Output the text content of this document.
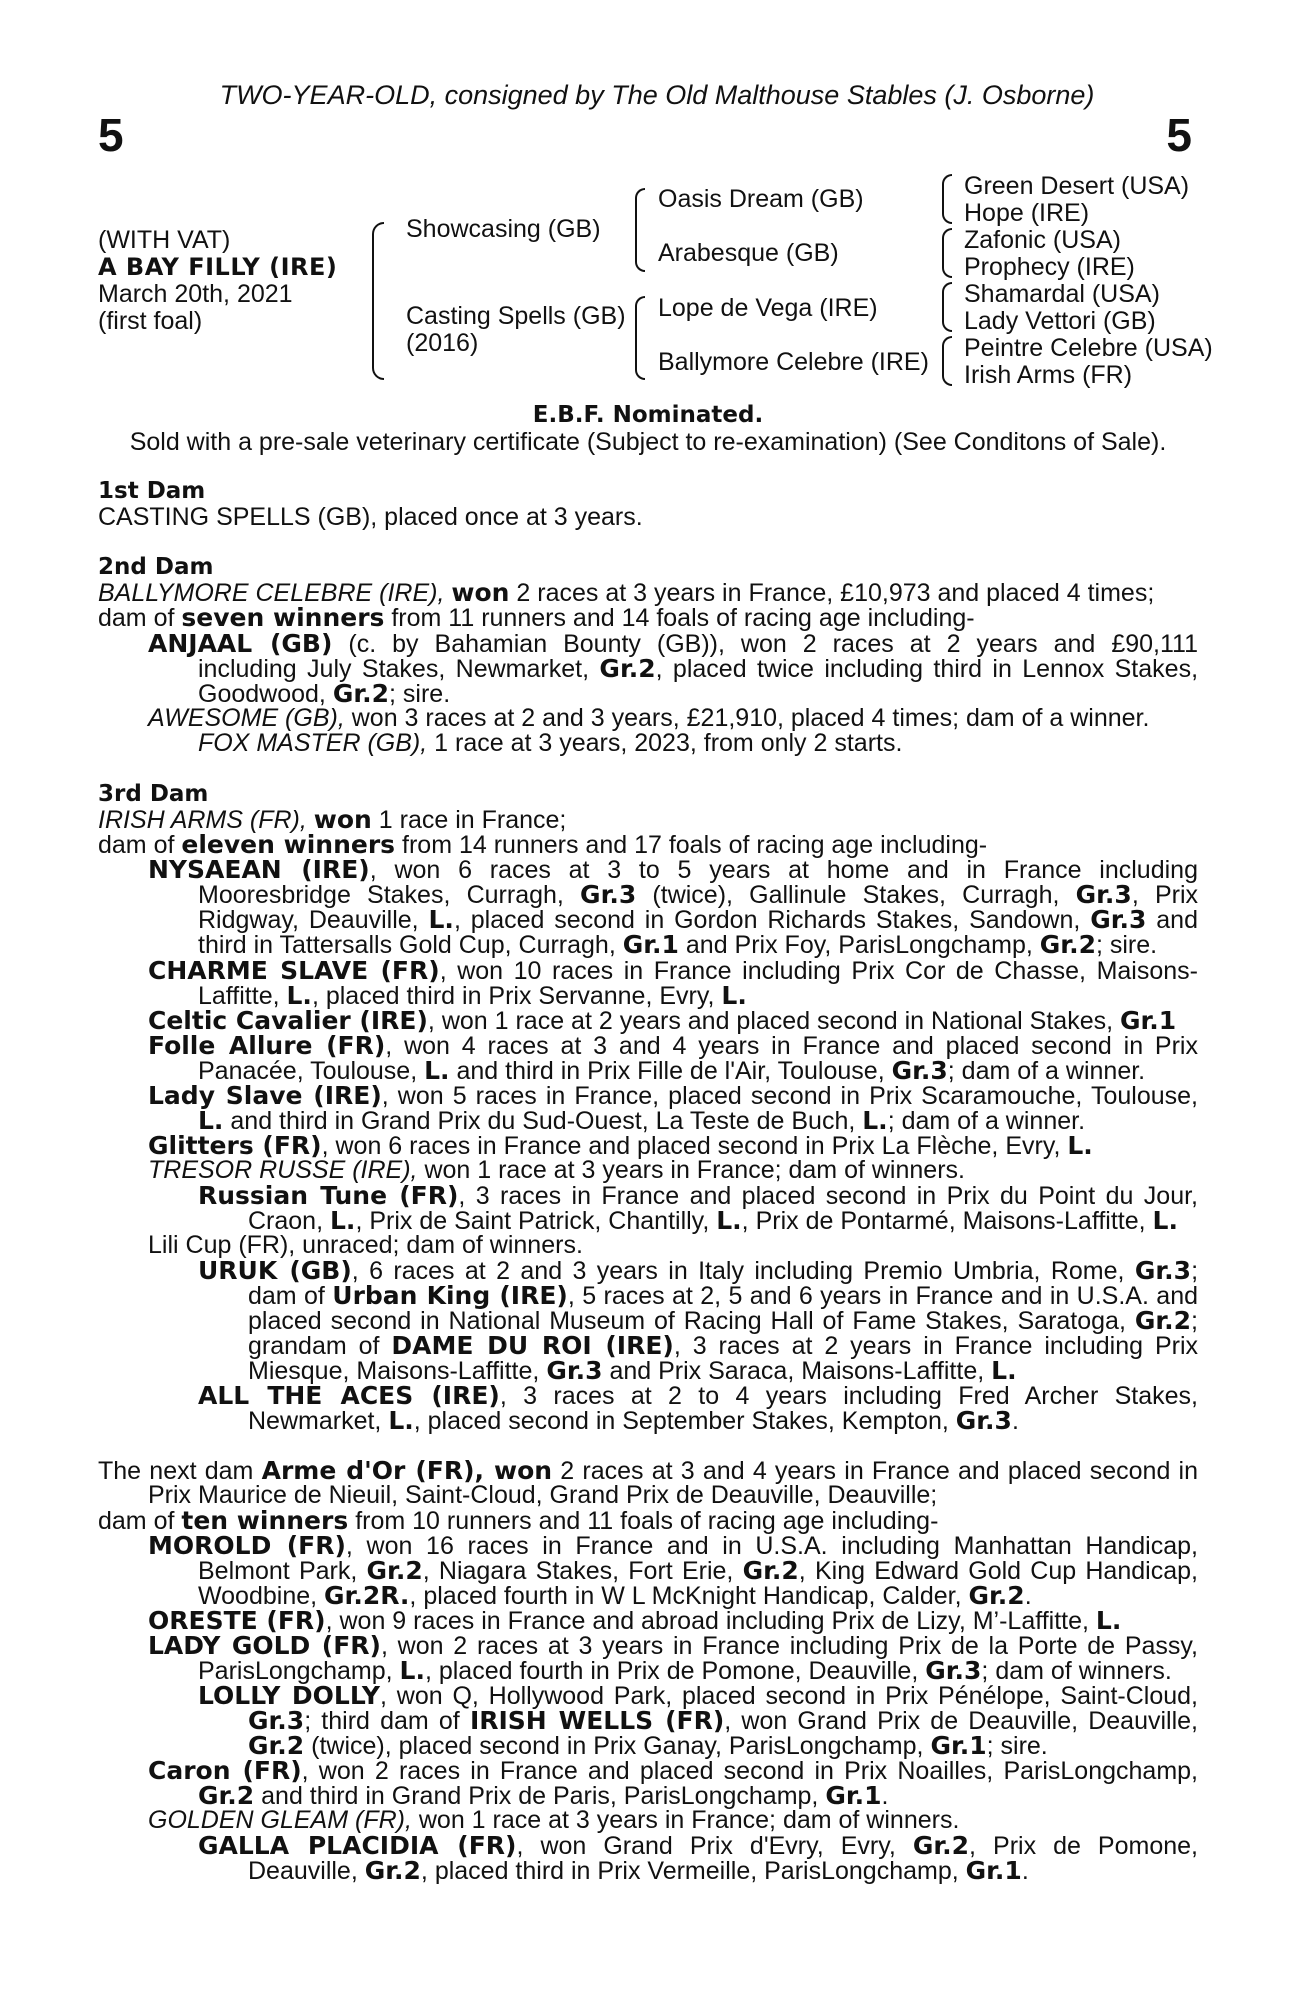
TWO-YEAR-OLD, consigned by The Old Malthouse Stables (J. Osborne)
5	5
(WITH VAT)
A BAY FILLY (IRE)
March 20th, 2021
(first foal)
Showcasing (GB)
Casting Spells (GB)
(2016)
Oasis Dream (GB)
Arabesque (GB)
Lope de Vega (IRE)
Ballymore Celebre (IRE)
Green Desert (USA)
Hope (IRE)
Zafonic (USA)
Prophecy (IRE)
Shamardal (USA)
Lady Vettori (GB)
Peintre Celebre (USA)
Irish Arms (FR)
E.B.F. Nominated.
Sold with a pre-sale veterinary certificate (Subject to re-examination) (See Conditons of Sale).
1st Dam
CASTING SPELLS (GB), placed once at 3 years.
2nd Dam
BALLYMORE CELEBRE (IRE), won 2 races at 3 years in France, £10,973 and placed 4 times;
dam of seven winners from 11 runners and 14 foals of racing age including-
ANJAAL (GB) (c. by Bahamian Bounty (GB)), won 2 races at 2 years and £90,111
including July Stakes, Newmarket, Gr.2, placed twice including third in Lennox Stakes,
Goodwood, Gr.2; sire.
AWESOME (GB), won 3 races at 2 and 3 years, £21,910, placed 4 times; dam of a winner.
FOX MASTER (GB), 1 race at 3 years, 2023, from only 2 starts.
3rd Dam
IRISH ARMS (FR), won 1 race in France;
dam of eleven winners from 14 runners and 17 foals of racing age including-
NYSAEAN (IRE), won 6 races at 3 to 5 years at home and in France including
Mooresbridge Stakes, Curragh, Gr.3 (twice), Gallinule Stakes, Curragh, Gr.3, Prix
Ridgway, Deauville, L., placed second in Gordon Richards Stakes, Sandown, Gr.3 and
third in Tattersalls Gold Cup, Curragh, Gr.1 and Prix Foy, ParisLongchamp, Gr.2; sire.
CHARME SLAVE (FR), won 10 races in France including Prix Cor de Chasse, Maisons-
Laffitte, L., placed third in Prix Servanne, Evry, L.
Celtic Cavalier (IRE), won 1 race at 2 years and placed second in National Stakes, Gr.1
Folle Allure (FR), won 4 races at 3 and 4 years in France and placed second in Prix
Panacée, Toulouse, L. and third in Prix Fille de l'Air, Toulouse, Gr.3; dam of a winner.
Lady Slave (IRE), won 5 races in France, placed second in Prix Scaramouche, Toulouse,
L. and third in Grand Prix du Sud-Ouest, La Teste de Buch, L.; dam of a winner.
Glitters (FR), won 6 races in France and placed second in Prix La Flèche, Evry, L.
TRESOR RUSSE (IRE), won 1 race at 3 years in France; dam of winners.
Russian Tune (FR), 3 races in France and placed second in Prix du Point du Jour,
Craon, L., Prix de Saint Patrick, Chantilly, L., Prix de Pontarmé, Maisons-Laffitte, L.
Lili Cup (FR), unraced; dam of winners.
URUK (GB), 6 races at 2 and 3 years in Italy including Premio Umbria, Rome, Gr.3;
dam of Urban King (IRE), 5 races at 2, 5 and 6 years in France and in U.S.A. and
placed second in National Museum of Racing Hall of Fame Stakes, Saratoga, Gr.2;
grandam of DAME DU ROI (IRE), 3 races at 2 years in France including Prix
Miesque, Maisons-Laffitte, Gr.3 and Prix Saraca, Maisons-Laffitte, L.
ALL THE ACES (IRE), 3 races at 2 to 4 years including Fred Archer Stakes,
Newmarket, L., placed second in September Stakes, Kempton, Gr.3.
The next dam Arme d'Or (FR), won 2 races at 3 and 4 years in France and placed second in
Prix Maurice de Nieuil, Saint-Cloud, Grand Prix de Deauville, Deauville;
dam of ten winners from 10 runners and 11 foals of racing age including-
MOROLD (FR), won 16 races in France and in U.S.A. including Manhattan Handicap,
Belmont Park, Gr.2, Niagara Stakes, Fort Erie, Gr.2, King Edward Gold Cup Handicap,
Woodbine, Gr.2R., placed fourth in W L McKnight Handicap, Calder, Gr.2.
ORESTE (FR), won 9 races in France and abroad including Prix de Lizy, M’-Laffitte, L.
LADY GOLD (FR), won 2 races at 3 years in France including Prix de la Porte de Passy,
ParisLongchamp, L., placed fourth in Prix de Pomone, Deauville, Gr.3; dam of winners.
LOLLY DOLLY, won Q, Hollywood Park, placed second in Prix Pénélope, Saint-Cloud,
Gr.3; third dam of IRISH WELLS (FR), won Grand Prix de Deauville, Deauville,
Gr.2 (twice), placed second in Prix Ganay, ParisLongchamp, Gr.1; sire.
Caron (FR), won 2 races in France and placed second in Prix Noailles, ParisLongchamp,
Gr.2 and third in Grand Prix de Paris, ParisLongchamp, Gr.1.
GOLDEN GLEAM (FR), won 1 race at 3 years in France; dam of winners.
GALLA PLACIDIA (FR), won Grand Prix d'Evry, Evry, Gr.2, Prix de Pomone,
Deauville, Gr.2, placed third in Prix Vermeille, ParisLongchamp, Gr.1.
